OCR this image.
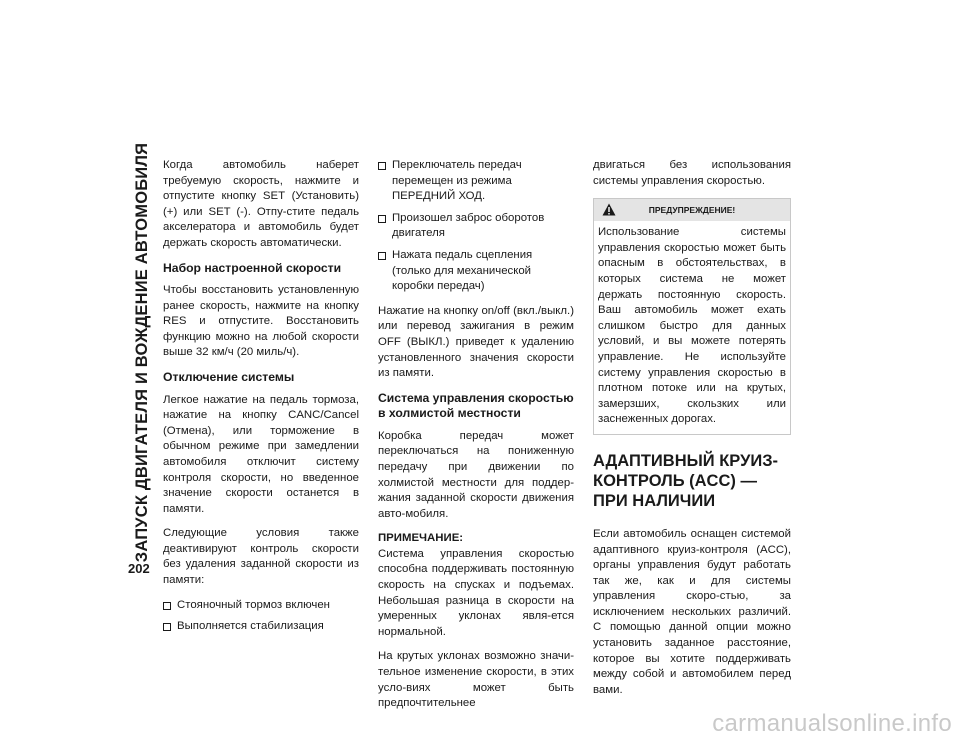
ЗАПУСК ДВИГАТЕЛЯ И ВОЖДЕНИЕ АВТОМОБИЛЯ
202

Когда автомобиль наберет требуемую скорость, нажмите и отпустите кнопку SET (Установить) (+) или SET (-). Отпу-стите педаль акселератора и автомобиль будет держать скорость автоматически.

Набор настроенной скорости

Чтобы восстановить установленную ранее скорость, нажмите на кнопку RES и отпустите. Восстановить функцию можно на любой скорости выше 32 км/ч (20 миль/ч).

Отключение системы

Легкое нажатие на педаль тормоза, нажатие на кнопку CANC/Cancel (Отмена), или торможение в обычном режиме при замедлении автомобиля отключит систему контроля скорости, но введенное значение скорости останется в памяти.

Следующие условия также деактивируют контроль скорости без удаления заданной скорости из памяти:

Стояночный тормоз включен
Выполняется стабилизация
Переключатель передач перемещен из режима ПЕРЕДНИЙ ХОД.
Произошел заброс оборотов двигателя
Нажата педаль сцепления (только для механической коробки передач)

Нажатие на кнопку on/off (вкл./выкл.) или перевод зажигания в режим OFF (ВЫКЛ.) приведет к удалению установленного значения скорости из памяти.

Система управления скоростью в холмистой местности

Коробка передач может переключаться на пониженную передачу при движении по холмистой местности для поддер-жания заданной скорости движения авто-мобиля.

ПРИМЕЧАНИЕ:
Система управления скоростью способна поддерживать постоянную скорость на спусках и подъемах. Небольшая разница в скорости на умеренных уклонах явля-ется нормальной.

На крутых уклонах возможно значи-тельное изменение скорости, в этих усло-виях может быть предпочтительнее

двигаться без использования системы управления скоростью.

ПРЕДУПРЕЖДЕНИЕ!
Использование системы управления скоростью может быть опасным в обстоятельствах, в которых система не может держать постоянную скорость. Ваш автомобиль может ехать слишком быстро для данных условий, и вы можете потерять управление. Не используйте систему управления скоростью в плотном потоке или на крутых, замерзших, скользких или заснеженных дорогах.
АДАПТИВНЫЙ КРУИЗ-КОНТРОЛЬ (ACC) — ПРИ НАЛИЧИИ

Если автомобиль оснащен системой адаптивного круиз-контроля (ACC), органы управления будут работать так же, как и для системы управления скоро-стью, за исключением нескольких различий. С помощью данной опции можно установить заданное расстояние, которое вы хотите поддерживать между собой и автомобилем перед вами.

carmanualsonline.info
